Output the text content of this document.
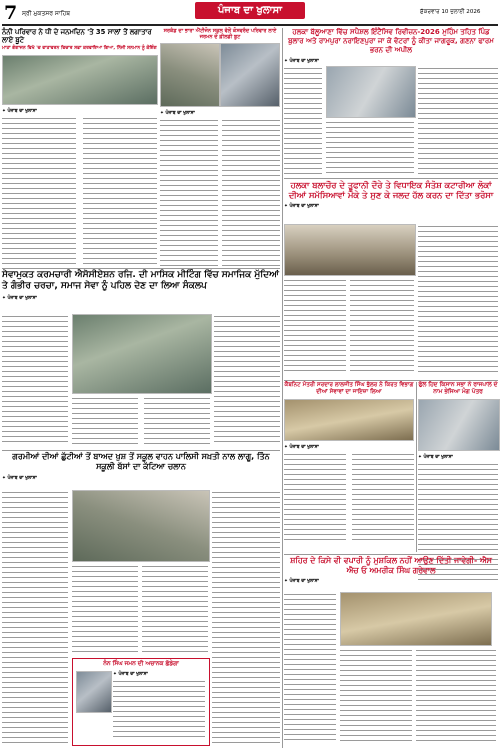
7 ਸ੍ਰੀ ਮੁਕਤਸਰ ਸਾਹਿਬ	ਪੰਜਾਬ ਦਾ ਖੁਲਾਸਾ	ਸ਼ੁੱਕਰਵਾਰ 10 ਜੁਲਾਈ 2026
ਨੰਨੀ ਪਰਿਵਾਰ ਨੇ ਧੀ ਦੇ ਜਨਮਦਿਨ 'ਤੇ 35 ਸਾਲਾਂ ਤੋਂ ਲਗਾਤਾਰ ਲਾਏ ਬੂਟੇ
ਮਾਤਾ ਗੰਗਾਜਨ ਵਿਖੇ 'ਚ ਵਾਤਾਵਰਨ ਵਿਚਾਰ ਸਭਾ ਕਰਵਾਇਆ ਗਿਆ, ਨਿੱਜੀ ਸਨਮਾਨ ਨੂੰ ਕੋਇੰਗ
✦ ਪੰਜਾਬ ਦਾ ਖੁਲਾਸਾ
ਸਰਕੰਡ ਦਾ ਭਾਰਾ ਐਂਟੀਜੋਨ ਸਕੂਲ ਵੱਲੋਂ ਕੋਸਵਰੰਦ ਪਰਿਵਾਰ ਲਾਏ ਜਰਮਨ ਦੇ ਫ਼ੀਲਡੀ ਬੂਟ
✦ ਪੰਜਾਬ ਦਾ ਖੁਲਾਸਾ
ਹਲਕਾ ਬੱਲੂਆਣਾ ਵਿੱਚ ਸਪੈਸ਼ਲ ਇੰਟੈਂਸਿਵ ਰਿਵੀਜ਼ਨ-2026 ਮੁਹਿੰਮ ਤਹਿਤ ਪਿੰਡ ਬੁਲਾਰ ਅਤੇ ਰਾਮਪੁਰਾ ਨਰਾਇਣਪੁਰਾ ਜਾ ਕੇ ਵੋਟਰਾਂ ਨੂੰ ਕੀਤਾ ਜਾਗਰੂਕ, ਗਣਨਾ ਫਾਰਮ ਭਰਨ ਦੀ ਅਪੀਲ
✦ ਪੰਜਾਬ ਦਾ ਖੁਲਾਸਾ
ਹਲਕਾ ਬਲਾਚੌਰ ਦੇ ਤੂਫਾਨੀ ਦੌਰੇ ਤੇ ਵਿਧਾਇਕ ਸੰਤੋਸ਼ ਕਟਾਰੀਆ ਲੋਕਾਂ ਦੀਆਂ ਸਮੱਸਿਆਵਾਂ ਮੌਕੇ ਤੇ ਸੁਣ ਕੇ ਜਲਦ ਹੱਲ ਕਰਨ ਦਾ ਦਿੱਤਾ ਭਰੋਸਾ
✦ ਪੰਜਾਬ ਦਾ ਖੁਲਾਸਾ
ਸੇਵਾਮੁਕਤ ਕਰਮਚਾਰੀ ਐਸੋਸੀਏਸ਼ਨ ਰਜਿ. ਦੀ ਮਾਸਿਕ ਮੀਟਿੰਗ ਵਿੱਚ ਸਮਾਜਿਕ ਮੁੱਦਿਆਂ ਤੇ ਗੰਭੀਰ ਚਰਚਾ, ਸਮਾਜ ਸੇਵਾ ਨੂੰ ਪਹਿਲ ਦੇਣ ਦਾ ਲਿਆ ਸੰਕਲਪ
✦ ਪੰਜਾਬ ਦਾ ਖੁਲਾਸਾ
ਕੈਬਨਿਟ ਮੰਤਰੀ ਸਰਦਾਰ ਲਾਲਜੀਤ ਸਿੰਘ ਭੁੱਲਰ ਨੇ ਕਿਰਤ ਵਿਭਾਗ ਦੀਆਂ ਸੇਵਾਵਾਂ ਦਾ ਜਾਇਜ਼ਾ ਲਿਆ
✦ ਪੰਜਾਬ ਦਾ ਖੁਲਾਸਾ
ਫੁੱਲ ਹਿਦ ਕਿਸਾਨ ਸਭਾ ਨੇ ਰਾਜਪਾਲ ਦੇ ਨਾਮ ਭੇਜਿਆ ਮੰਗ ਪੱਤਰ
✦ ਪੰਜਾਬ ਦਾ ਖੁਲਾਸਾ
ਗਰਮੀਆਂ ਦੀਆਂ ਛੁੱਟੀਆਂ ਤੋਂ ਬਾਅਦ ਖੁਸ਼ ਤੋਂ ਸਕੂਲ ਵਾਹਨ ਪਾਲਿਸੀ ਸਖ਼ਤੀ ਨਾਲ ਲਾਗੂ, ਤਿੰਨ ਸਕੂਲੀ ਬੱਸਾਂ ਦਾ ਕੱਟਿਆ ਚਲਾਨ
✦ ਪੰਜਾਬ ਦਾ ਖੁਲਾਸਾ
ਨੰਨ ਸਿੰਘ ਜਮਨ ਦੀ ਅਚਾਨਕ ਛੱਡੇਗਾ
✦ ਪੰਜਾਬ ਦਾ ਖੁਲਾਸਾ
ਸ਼ਹਿਰ ਦੇ ਕਿਸੇ ਵੀ ਵਪਾਰੀ ਨੂੰ ਮੁਸ਼ਕਿਲ ਨਹੀਂ ਆਉਣ ਦਿੱਤੀ ਜਾਵੇਗੀ- ਐਸ ਐਚ ਓ ਅਮਰੀਕ ਸਿੰਘ ਗਰੇਵਾਲ
✦ ਪੰਜਾਬ ਦਾ ਖੁਲਾਸਾ
